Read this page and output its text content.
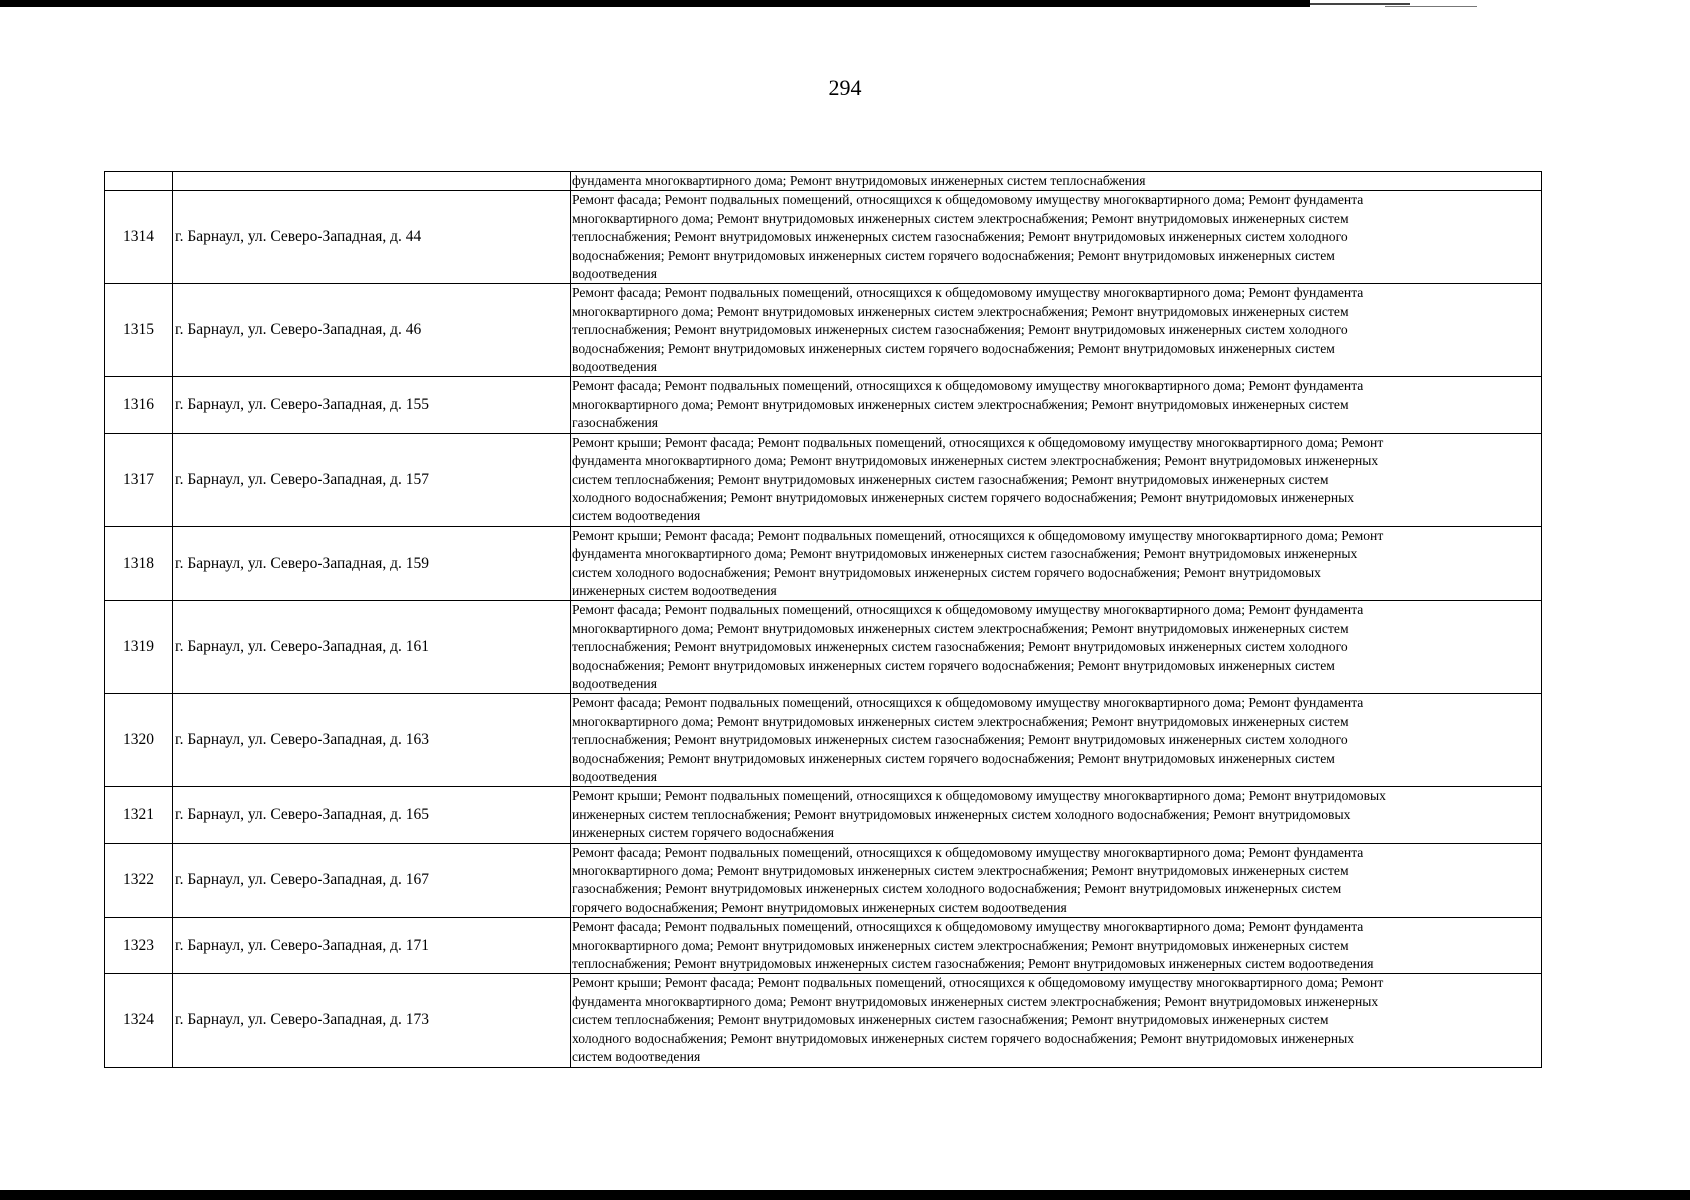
294

		фундамента многоквартирного дома; Ремонт внутридомовых инженерных систем теплоснабжения

1314	г. Барнаул, ул. Северо-Западная, д. 44	Ремонт фасада; Ремонт подвальных помещений, относящихся к общедомовому имуществу многоквартирного дома; Ремонт фундамента
многоквартирного дома; Ремонт внутридомовых инженерных систем электроснабжения; Ремонт внутридомовых инженерных систем
теплоснабжения; Ремонт внутридомовых инженерных систем газоснабжения; Ремонт внутридомовых инженерных систем холодного
водоснабжения; Ремонт внутридомовых инженерных систем горячего водоснабжения; Ремонт внутридомовых инженерных систем
водоотведения

1315	г. Барнаул, ул. Северо-Западная, д. 46	Ремонт фасада; Ремонт подвальных помещений, относящихся к общедомовому имуществу многоквартирного дома; Ремонт фундамента
многоквартирного дома; Ремонт внутридомовых инженерных систем электроснабжения; Ремонт внутридомовых инженерных систем
теплоснабжения; Ремонт внутридомовых инженерных систем газоснабжения; Ремонт внутридомовых инженерных систем холодного
водоснабжения; Ремонт внутридомовых инженерных систем горячего водоснабжения; Ремонт внутридомовых инженерных систем
водоотведения

1316	г. Барнаул, ул. Северо-Западная, д. 155	Ремонт фасада; Ремонт подвальных помещений, относящихся к общедомовому имуществу многоквартирного дома; Ремонт фундамента
многоквартирного дома; Ремонт внутридомовых инженерных систем электроснабжения; Ремонт внутридомовых инженерных систем
газоснабжения

1317	г. Барнаул, ул. Северо-Западная, д. 157	Ремонт крыши; Ремонт фасада; Ремонт подвальных помещений, относящихся к общедомовому имуществу многоквартирного дома; Ремонт
фундамента многоквартирного дома; Ремонт внутридомовых инженерных систем электроснабжения; Ремонт внутридомовых инженерных
систем теплоснабжения; Ремонт внутридомовых инженерных систем газоснабжения; Ремонт внутридомовых инженерных систем
холодного водоснабжения; Ремонт внутридомовых инженерных систем горячего водоснабжения; Ремонт внутридомовых инженерных
систем водоотведения

1318	г. Барнаул, ул. Северо-Западная, д. 159	Ремонт крыши; Ремонт фасада; Ремонт подвальных помещений, относящихся к общедомовому имуществу многоквартирного дома; Ремонт
фундамента многоквартирного дома; Ремонт внутридомовых инженерных систем газоснабжения; Ремонт внутридомовых инженерных
систем холодного водоснабжения; Ремонт внутридомовых инженерных систем горячего водоснабжения; Ремонт внутридомовых
инженерных систем водоотведения

1319	г. Барнаул, ул. Северо-Западная, д. 161	Ремонт фасада; Ремонт подвальных помещений, относящихся к общедомовому имуществу многоквартирного дома; Ремонт фундамента
многоквартирного дома; Ремонт внутридомовых инженерных систем электроснабжения; Ремонт внутридомовых инженерных систем
теплоснабжения; Ремонт внутридомовых инженерных систем газоснабжения; Ремонт внутридомовых инженерных систем холодного
водоснабжения; Ремонт внутридомовых инженерных систем горячего водоснабжения; Ремонт внутридомовых инженерных систем
водоотведения

1320	г. Барнаул, ул. Северо-Западная, д. 163	Ремонт фасада; Ремонт подвальных помещений, относящихся к общедомовому имуществу многоквартирного дома; Ремонт фундамента
многоквартирного дома; Ремонт внутридомовых инженерных систем электроснабжения; Ремонт внутридомовых инженерных систем
теплоснабжения; Ремонт внутридомовых инженерных систем газоснабжения; Ремонт внутридомовых инженерных систем холодного
водоснабжения; Ремонт внутридомовых инженерных систем горячего водоснабжения; Ремонт внутридомовых инженерных систем
водоотведения

1321	г. Барнаул, ул. Северо-Западная, д. 165	Ремонт крыши; Ремонт подвальных помещений, относящихся к общедомовому имуществу многоквартирного дома; Ремонт внутридомовых
инженерных систем теплоснабжения; Ремонт внутридомовых инженерных систем холодного водоснабжения; Ремонт внутридомовых
инженерных систем горячего водоснабжения

1322	г. Барнаул, ул. Северо-Западная, д. 167	Ремонт фасада; Ремонт подвальных помещений, относящихся к общедомовому имуществу многоквартирного дома; Ремонт фундамента
многоквартирного дома; Ремонт внутридомовых инженерных систем электроснабжения; Ремонт внутридомовых инженерных систем
газоснабжения; Ремонт внутридомовых инженерных систем холодного водоснабжения; Ремонт внутридомовых инженерных систем
горячего водоснабжения; Ремонт внутридомовых инженерных систем водоотведения

1323	г. Барнаул, ул. Северо-Западная, д. 171	Ремонт фасада; Ремонт подвальных помещений, относящихся к общедомовому имуществу многоквартирного дома; Ремонт фундамента
многоквартирного дома; Ремонт внутридомовых инженерных систем электроснабжения; Ремонт внутридомовых инженерных систем
теплоснабжения; Ремонт внутридомовых инженерных систем газоснабжения; Ремонт внутридомовых инженерных систем водоотведения

1324	г. Барнаул, ул. Северо-Западная, д. 173	Ремонт крыши; Ремонт фасада; Ремонт подвальных помещений, относящихся к общедомовому имуществу многоквартирного дома; Ремонт
фундамента многоквартирного дома; Ремонт внутридомовых инженерных систем электроснабжения; Ремонт внутридомовых инженерных
систем теплоснабжения; Ремонт внутридомовых инженерных систем газоснабжения; Ремонт внутридомовых инженерных систем
холодного водоснабжения; Ремонт внутридомовых инженерных систем горячего водоснабжения; Ремонт внутридомовых инженерных
систем водоотведения
